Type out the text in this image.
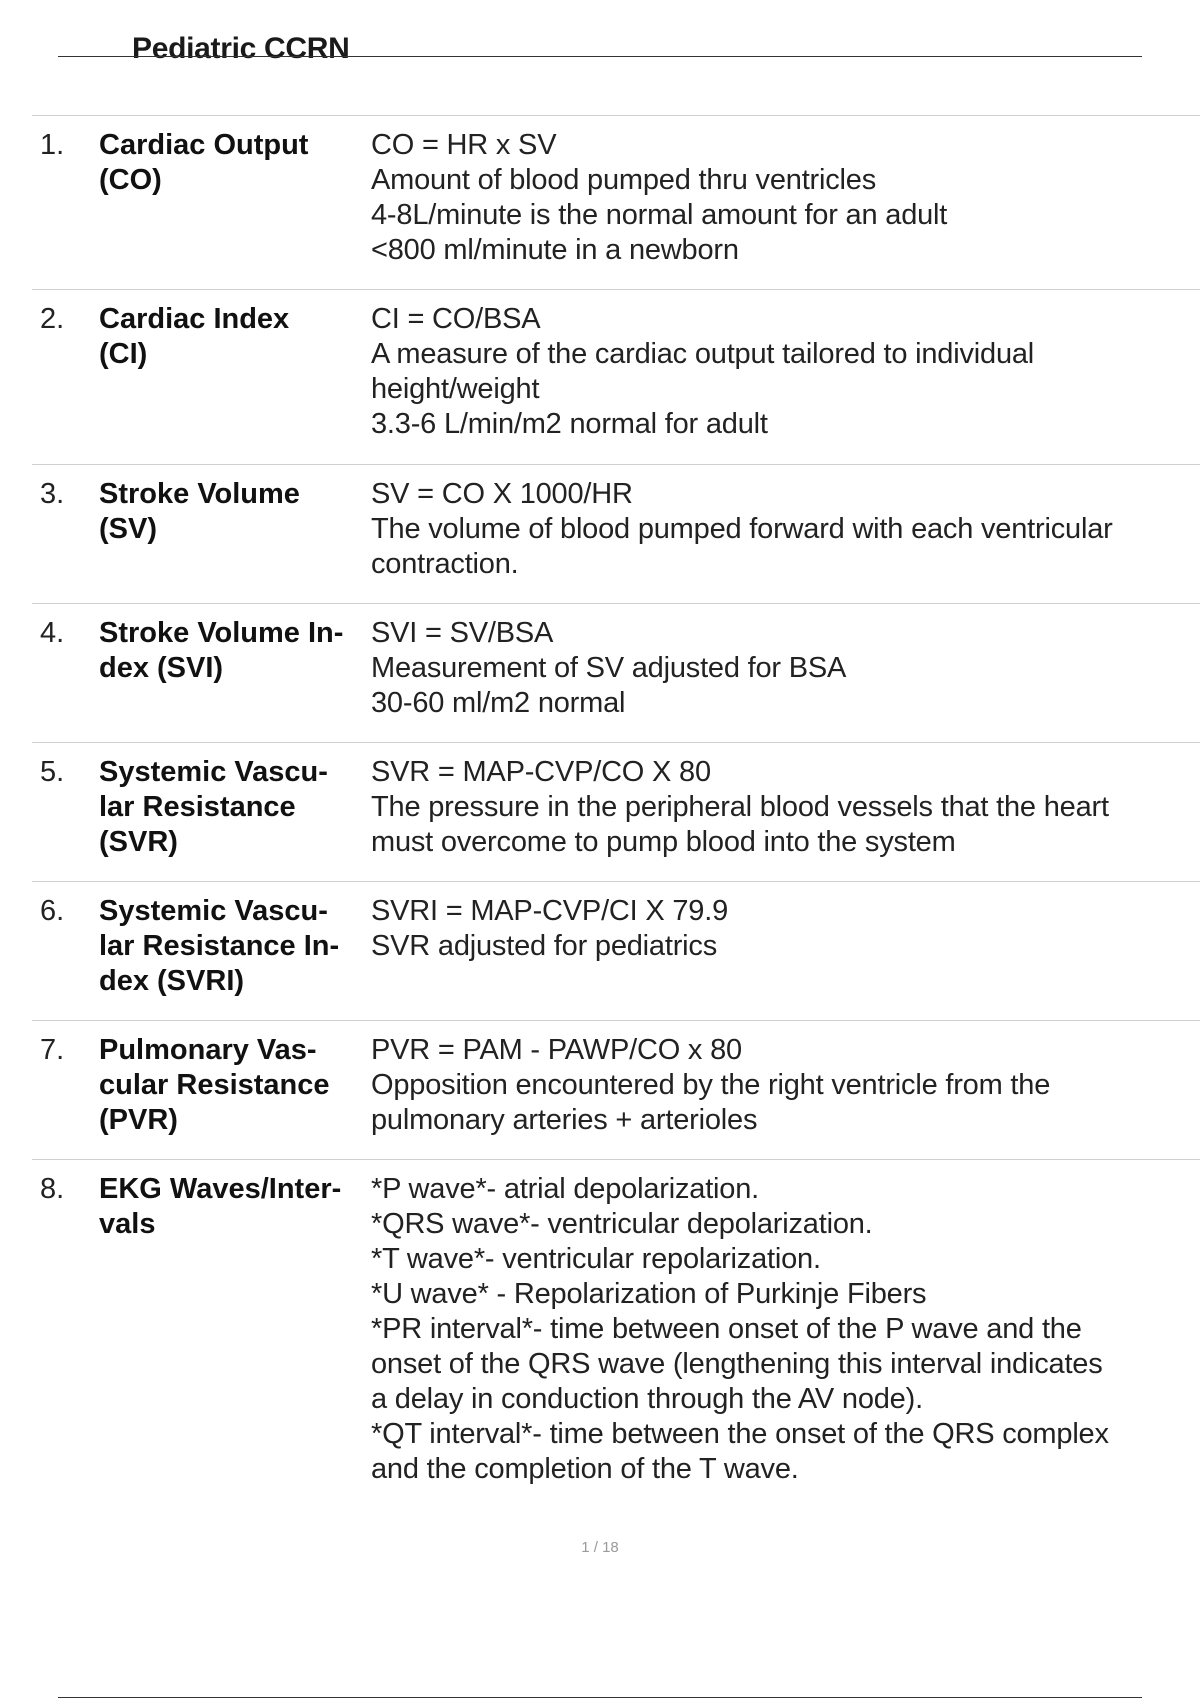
Pediatric CCRN
1. Cardiac Output
(CO)
CO = HR x SV
Amount of blood pumped thru ventricles
4-8L/minute is the normal amount for an adult
<800 ml/minute in a newborn
2. Cardiac Index
(CI)
CI = CO/BSA
A measure of the cardiac output tailored to individual
height/weight
3.3-6 L/min/m2 normal for adult
3. Stroke Volume
(SV)
SV = CO X 1000/HR
The volume of blood pumped forward with each ventricular
contraction.
4. Stroke Volume In-
dex (SVI)
SVI = SV/BSA
Measurement of SV adjusted for BSA
30-60 ml/m2 normal
5. Systemic Vascu-
lar Resistance
(SVR)
SVR = MAP-CVP/CO X 80
The pressure in the peripheral blood vessels that the heart
must overcome to pump blood into the system
6. Systemic Vascu-
lar Resistance In-
dex (SVRI)
SVRI = MAP-CVP/CI X 79.9
SVR adjusted for pediatrics
7. Pulmonary Vas-
cular Resistance
(PVR)
PVR = PAM - PAWP/CO x 80
Opposition encountered by the right ventricle from the
pulmonary arteries + arterioles
8. EKG Waves/Inter-
vals
*P wave*- atrial depolarization.
*QRS wave*- ventricular depolarization.
*T wave*- ventricular repolarization.
*U wave* - Repolarization of Purkinje Fibers
*PR interval*- time between onset of the P wave and the
onset of the QRS wave (lengthening this interval indicates
a delay in conduction through the AV node).
*QT interval*- time between the onset of the QRS complex
and the completion of the T wave.
1 / 18
